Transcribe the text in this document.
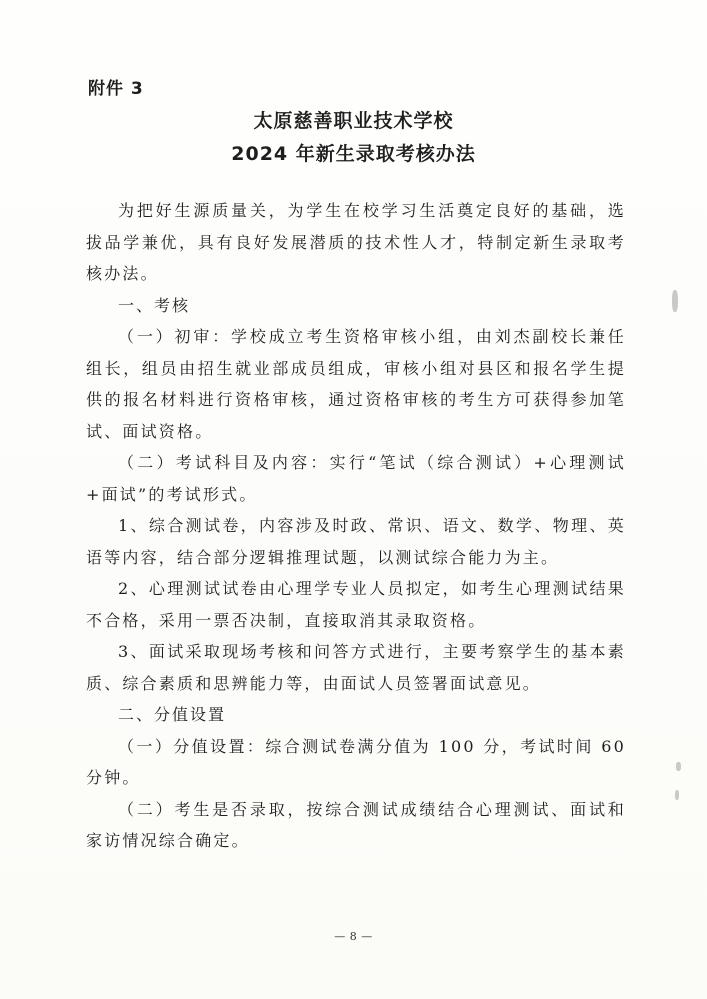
附件 3
太原慈善职业技术学校
2024 年新生录取考核办法

为把好生源质量关，为学生在校学习生活奠定良好的基础，选拔品学兼优，具有良好发展潜质的技术性人才，特制定新生录取考核办法。

一、考核

（一）初审：学校成立考生资格审核小组，由刘杰副校长兼任组长，组员由招生就业部成员组成，审核小组对县区和报名学生提供的报名材料进行资格审核，通过资格审核的考生方可获得参加笔试、面试资格。

（二）考试科目及内容：实行“笔试（综合测试）+心理测试+面试”的考试形式。

1、综合测试卷，内容涉及时政、常识、语文、数学、物理、英语等内容，结合部分逻辑推理试题，以测试综合能力为主。

2、心理测试试卷由心理学专业人员拟定，如考生心理测试结果不合格，采用一票否决制，直接取消其录取资格。

3、面试采取现场考核和问答方式进行，主要考察学生的基本素质、综合素质和思辨能力等，由面试人员签署面试意见。

二、分值设置

（一）分值设置：综合测试卷满分值为 100 分，考试时间 60 分钟。

（二）考生是否录取，按综合测试成绩结合心理测试、面试和家访情况综合确定。

— 8 —
